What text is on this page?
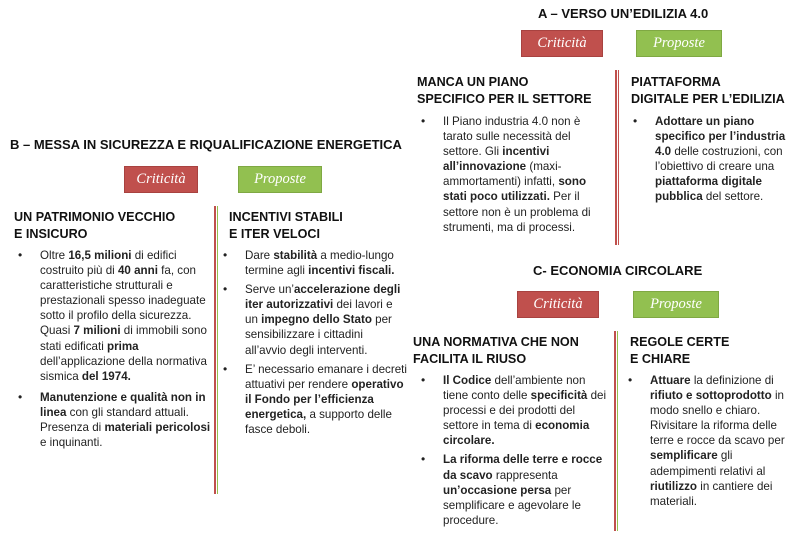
A – VERSO UN’EDILIZIA 4.0
Criticità	Proposte
MANCA UN PIANO
SPECIFICO PER IL SETTORE
• Il Piano industria 4.0 non è tarato sulle necessità del settore. Gli incentivi all’innovazione (maxi-ammortamenti) infatti, sono stati poco utilizzati. Per il settore non è un problema di strumenti, ma di processi.
PIATTAFORMA
DIGITALE PER L’EDILIZIA
• Adottare un piano specifico per l’industria 4.0 delle costruzioni, con l’obiettivo di creare una piattaforma digitale pubblica del settore.
B – MESSA IN SICUREZZA E RIQUALIFICAZIONE ENERGETICA
Criticità	Proposte
UN PATRIMONIO VECCHIO
E INSICURO
• Oltre 16,5 milioni di edifici costruito più di 40 anni fa, con caratteristiche strutturali e prestazionali spesso inadeguate sotto il profilo della sicurezza. Quasi 7 milioni di immobili sono stati edificati prima dell’applicazione della normativa sismica del 1974.
• Manutenzione e qualità non in linea con gli standard attuali. Presenza di materiali pericolosi e inquinanti.
INCENTIVI STABILI
E ITER VELOCI
• Dare stabilità a medio-lungo termine agli incentivi fiscali.
• Serve un’accelerazione degli iter autorizzativi dei lavori e un impegno dello Stato per sensibilizzare i cittadini all’avvio degli interventi.
• E’ necessario emanare i decreti attuativi per rendere operativo il Fondo per l’efficienza energetica, a supporto delle fasce deboli.
C- ECONOMIA CIRCOLARE
Criticità	Proposte
UNA NORMATIVA CHE NON
FACILITA IL RIUSO
• Il Codice dell’ambiente non tiene conto delle specificità dei processi e dei prodotti del settore in tema di economia circolare.
• La riforma delle terre e rocce da scavo rappresenta un’occasione persa per semplificare e agevolare le procedure.
REGOLE CERTE
E CHIARE
• Attuare la definizione di rifiuto e sottoprodotto in modo snello e chiaro. Rivisitare la riforma delle terre e rocce da scavo per semplificare gli adempimenti relativi al riutilizzo in cantiere dei materiali.
